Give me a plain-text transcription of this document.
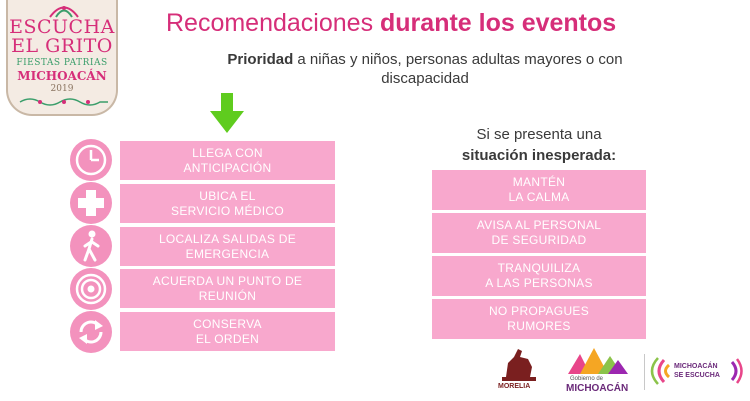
ESCUCHA
EL GRITO
FIESTAS PATRIAS
MICHOACÁN
2019
Recomendaciones durante los eventos
Prioridad a niñas y niños, personas adultas mayores o con discapacidad
LLEGA CON
ANTICIPACIÓN
UBICA EL
SERVICIO MÉDICO
LOCALIZA SALIDAS DE
EMERGENCIA
ACUERDA UN PUNTO DE
REUNIÓN
CONSERVA
EL ORDEN
Si se presenta una
situación inesperada:
MANTÉN
LA CALMA
AVISA AL PERSONAL
DE SEGURIDAD
TRANQUILIZA
A LAS PERSONAS
NO PROPAGUES
RUMORES
MORELIA
Gobierno de
MICHOACÁN
MICHOACÁN
SE ESCUCHA
